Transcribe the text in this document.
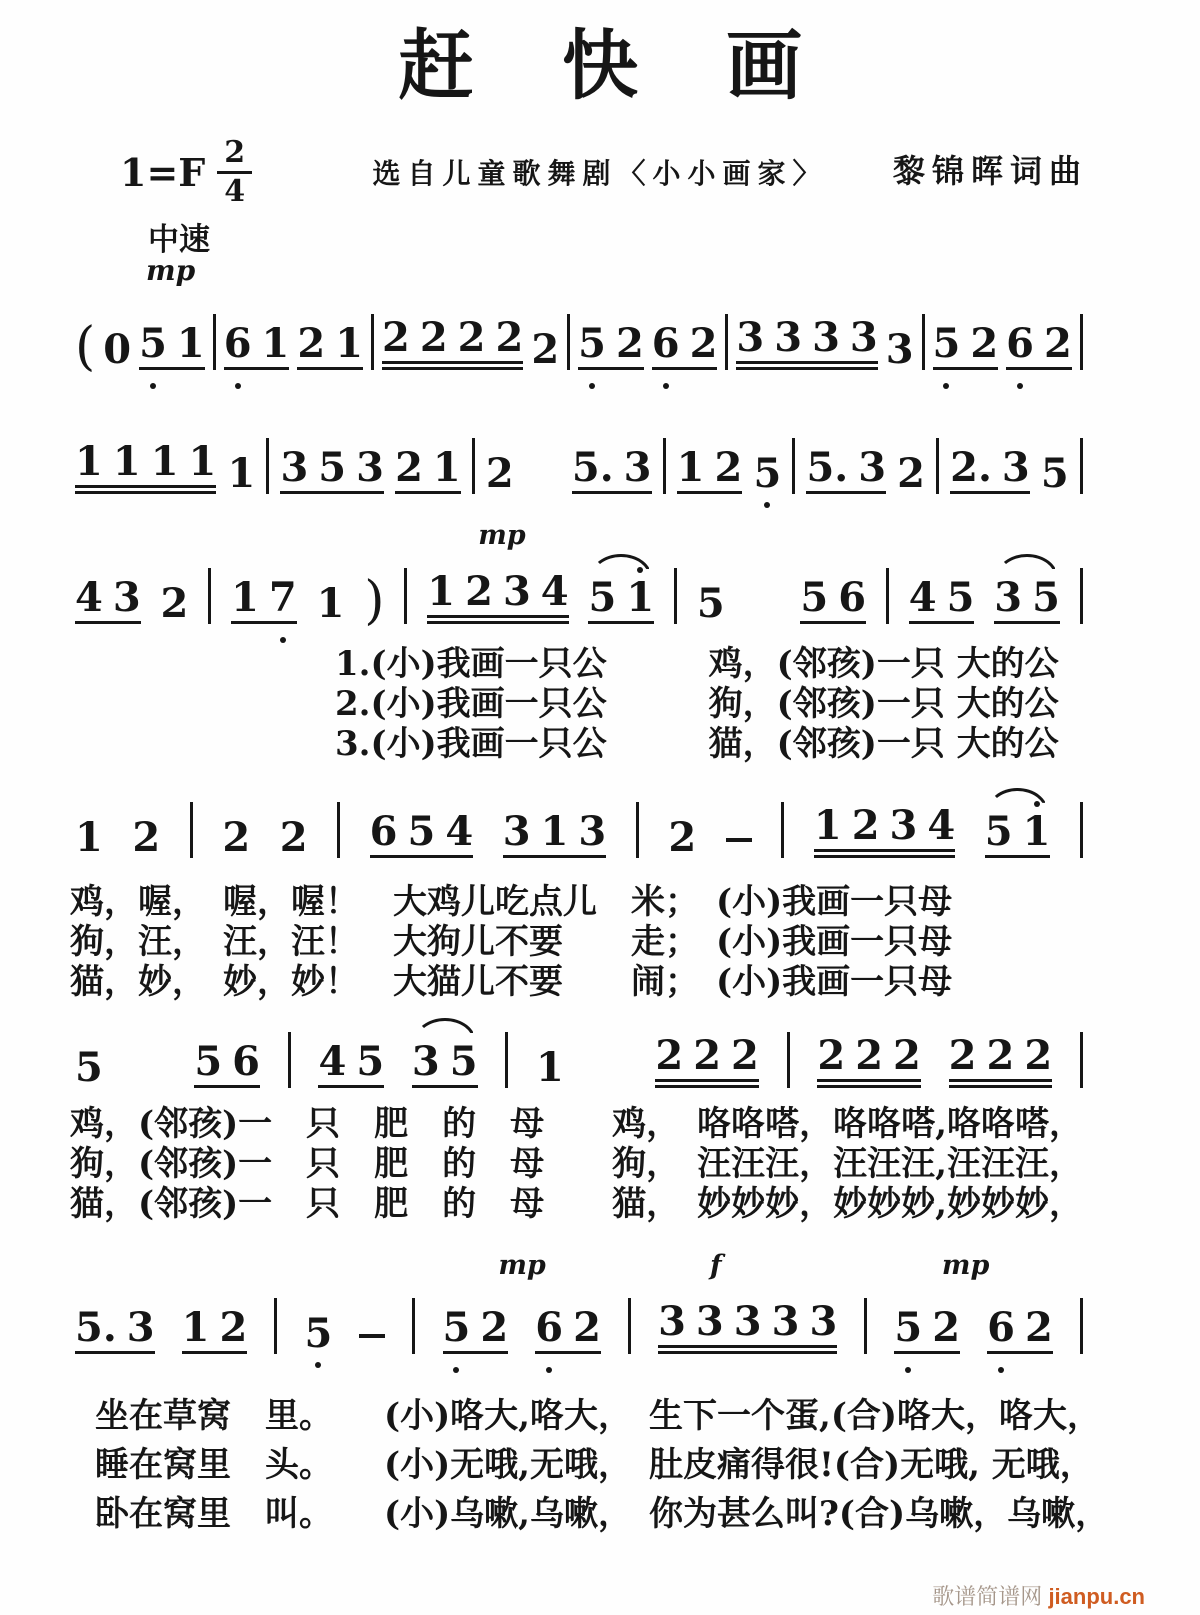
赶快画
$1=F \frac{2}{4}$	选自儿童歌舞剧〈小小画家〉	黎锦晖词曲
中速
mp
( 0 5 1 6 1 2 1 2 2 2 2 2 5 2 6 2 3 3 3 3 3 5 2 6 2
1 1 1 1 1 3 5 3 2 1 2 5. 3 1 2 5 5. 3 2 2. 3 5
4 3 2 1 7 1 ) 1 2 3 4 5 1 5 5 6 4 5 3 5
mp
1 2 2 2 6 5 4 3 1 3 2	1 2 3 4 5 1
5 5 6 4 5 3 5 1 2 2 2 2 2 2 2 2 2
5. 3 1 2 5	5 2 6 2 3 3 3 3 3 5 2 6 2
mp	f	mp
1.(小)我画一只公　　　鸡，(邻孩)一只 大的公
2.(小)我画一只公　　　狗，(邻孩)一只 大的公
3.(小)我画一只公　　　猫，(邻孩)一只 大的公
鸡，喔，　喔，喔！　大鸡儿吃点儿　米；　(小)我画一只母
狗，汪，　汪，汪！　大狗儿不要　　走；　(小)我画一只母
猫，妙，　妙，妙！　大猫儿不要　　闹；　(小)我画一只母
鸡，(邻孩)一　只　肥　的　母　　鸡，　咯咯嗒，咯咯嗒,咯咯嗒，
狗，(邻孩)一　只　肥　的　母　　狗，　汪汪汪，汪汪汪,汪汪汪，
猫，(邻孩)一　只　肥　的　母　　猫，　妙妙妙，妙妙妙,妙妙妙，
坐在草窝　里。　　(小)咯大,咯大，　生下一个蛋,(合)咯大，咯大，
睡在窝里　头。　　(小)无哦,无哦，　肚皮痛得很!(合)无哦, 无哦，
卧在窝里　叫。　　(小)乌嗽,乌嗽，　你为甚么叫?(合)乌嗽，乌嗽，
歌谱简谱网 jianpu.cn
